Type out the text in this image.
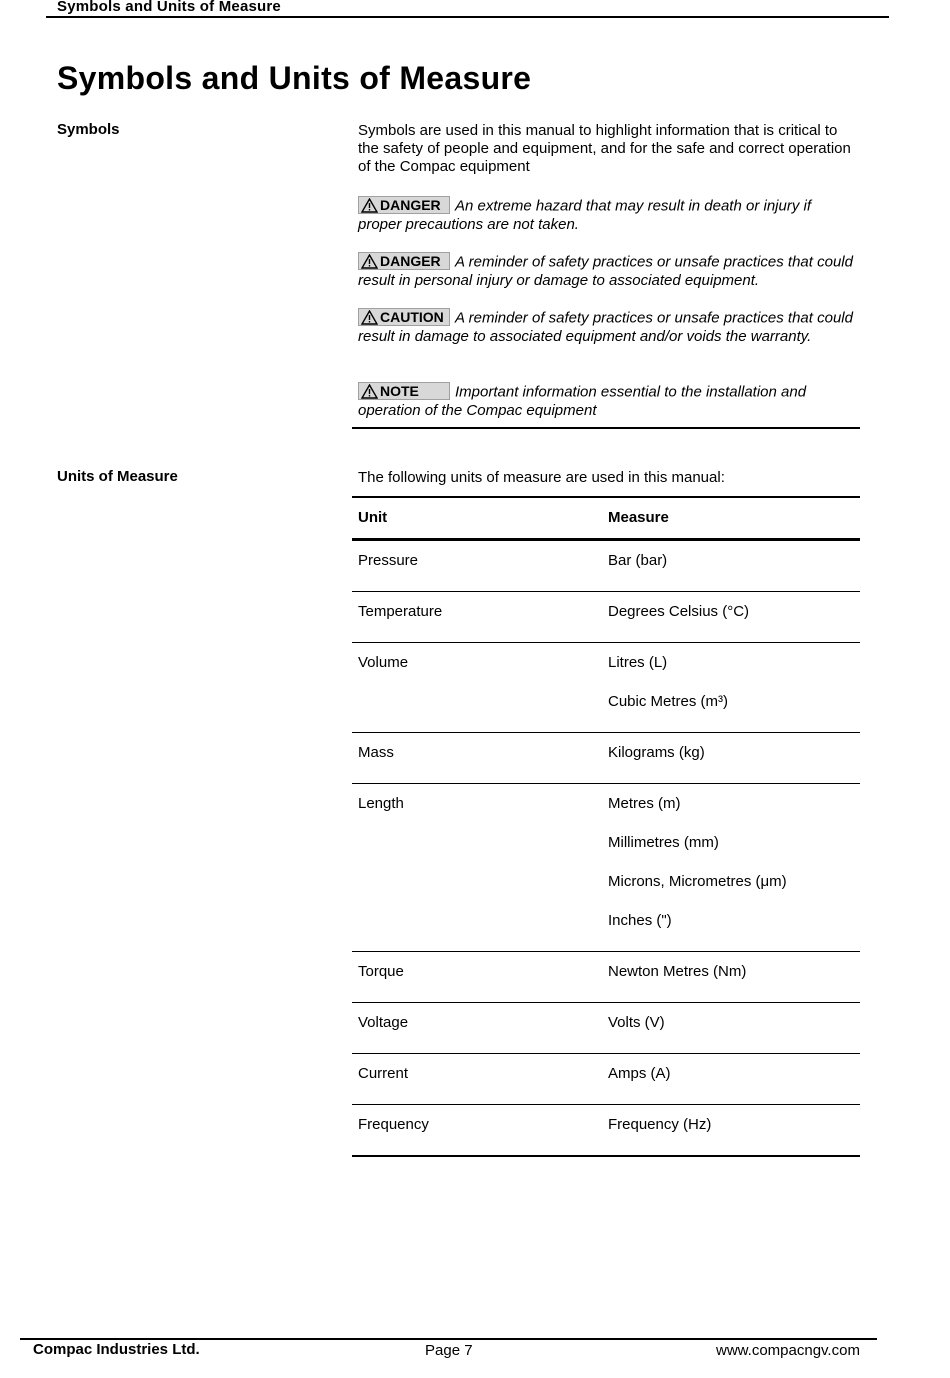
Symbols and Units of Measure
Symbols and Units of Measure
Symbols	Symbols are used in this manual to highlight information that is critical to the safety of people and equipment, and for the safe and correct operation of the Compac equipment
DANGER An extreme hazard that may result in death or injury if proper precautions are not taken.
DANGER A reminder of safety practices or unsafe practices that could result in personal injury or damage to associated equipment.
CAUTION A reminder of safety practices or unsafe practices that could result in damage to associated equipment and/or voids the warranty.
NOTE Important information essential to the installation and operation of the Compac equipment
Units of Measure	The following units of measure are used in this manual:
Unit	Measure
Pressure	Bar (bar)
Temperature	Degrees Celsius (°C)
Volume	Litres (L)
Cubic Metres (m³)
Mass	Kilograms (kg)
Length	Metres (m)
Millimetres (mm)
Microns, Micrometres (μm)
Inches (")
Torque	Newton Metres (Nm)
Voltage	Volts (V)
Current	Amps (A)
Frequency	Frequency (Hz)
Compac Industries Ltd.	Page 7	www.compacngv.com
